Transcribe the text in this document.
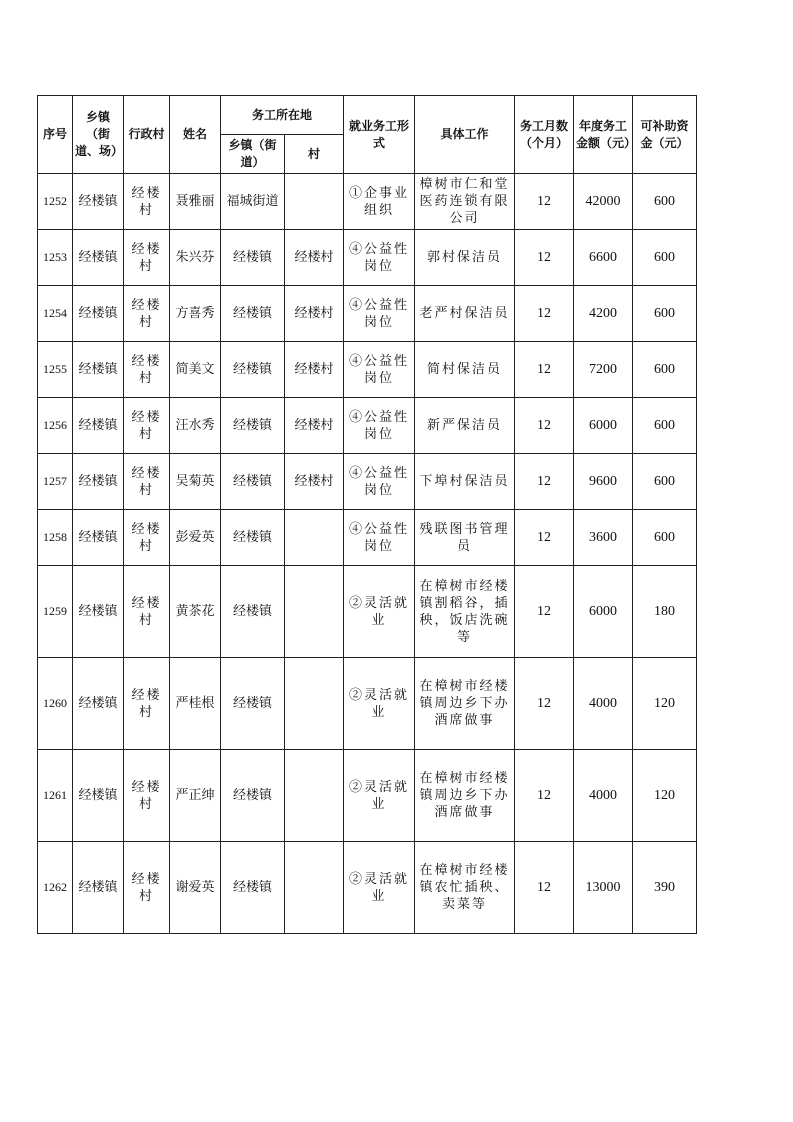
序号	乡镇（街道、场）	行政村	姓名	务工所在地		就业务工形式	具体工作	务工月数（个月）	年度务工金额（元）	可补助资金（元）
				乡镇（街道）	村					
1252	经楼镇	经楼村	聂雅丽	福城街道		①企事业组织	樟树市仁和堂医药连锁有限公司	12	42000	600
1253	经楼镇	经楼村	朱兴芬	经楼镇	经楼村	④公益性岗位	郭村保洁员	12	6600	600
1254	经楼镇	经楼村	方喜秀	经楼镇	经楼村	④公益性岗位	老严村保洁员	12	4200	600
1255	经楼镇	经楼村	简美文	经楼镇	经楼村	④公益性岗位	简村保洁员	12	7200	600
1256	经楼镇	经楼村	汪水秀	经楼镇	经楼村	④公益性岗位	新严保洁员	12	6000	600
1257	经楼镇	经楼村	吴菊英	经楼镇	经楼村	④公益性岗位	下埠村保洁员	12	9600	600
1258	经楼镇	经楼村	彭爱英	经楼镇		④公益性岗位	残联图书管理员	12	3600	600
1259	经楼镇	经楼村	黄茶花	经楼镇		②灵活就业	在樟树市经楼镇割稻谷，插秧，饭店洗碗等	12	6000	180
1260	经楼镇	经楼村	严桂根	经楼镇		②灵活就业	在樟树市经楼镇周边乡下办酒席做事	12	4000	120
1261	经楼镇	经楼村	严正绅	经楼镇		②灵活就业	在樟树市经楼镇周边乡下办酒席做事	12	4000	120
1262	经楼镇	经楼村	谢爱英	经楼镇		②灵活就业	在樟树市经楼镇农忙插秧、卖菜等	12	13000	390
